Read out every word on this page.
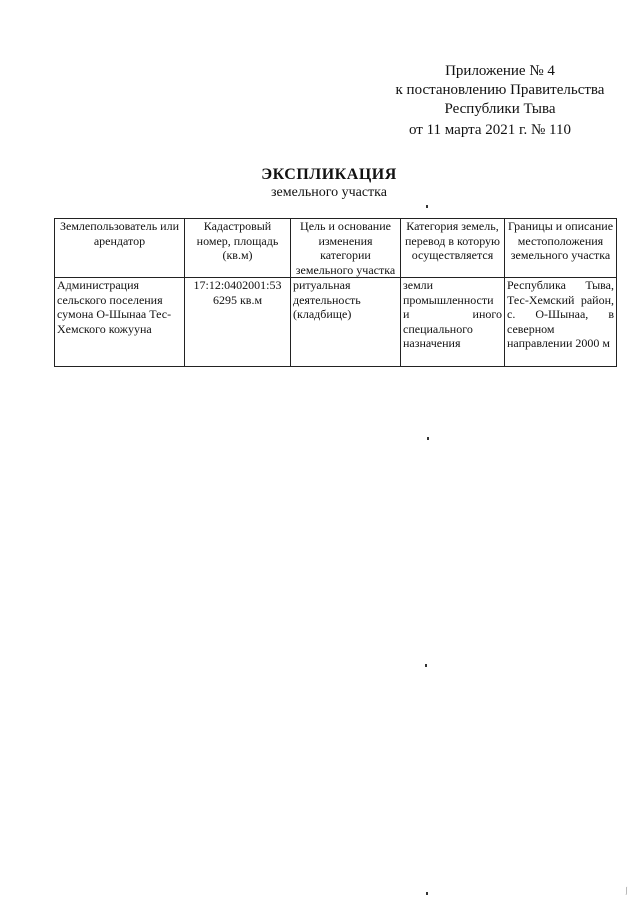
Приложение № 4
к постановлению Правительства
Республики Тыва
от 11 марта 2021 г. № 110
ЭКСПЛИКАЦИЯ
земельного участка
Землепользователь или арендатор	Кадастровый номер, площадь (кв.м)	Цель и основание изменения категории земельного участка	Категория земель, перевод в которую осуществляется	Границы и описание местоположения земельного участка
Администрация сельского поселения сумона О-Шынаа Тес-Хемского кожууна	17:12:0402001:53 6295 кв.м	ритуальная деятельность (кладбище)	земли промышленности и иного специального назначения	Республика Тыва, Тес-Хемский район, с. О-Шынаа, в северном направлении 2000 м
⁄
